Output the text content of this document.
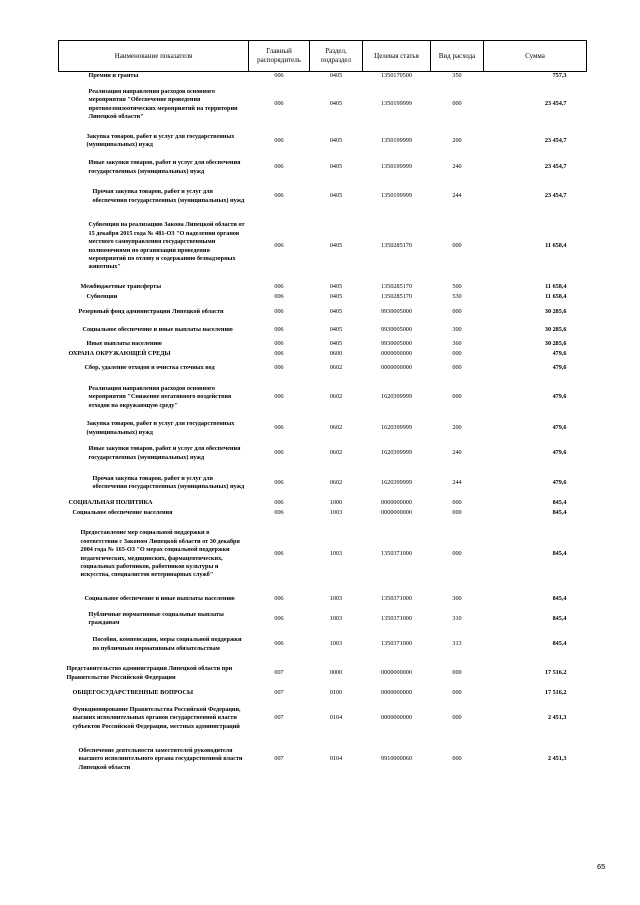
Наименование показателя	Главный распорядитель	Раздел, подраздел	Целевая статья	Вид расхода	Сумма
Премии и гранты	006	0405	1350170500	350	757,3
Реализация направления расходов основного мероприятия "Обеспечение проведения противоэпизоотических мероприятий на территории Липецкой области"	006	0405	1350199999	000	23 454,7
Закупка товаров, работ и услуг для государственных (муниципальных) нужд	006	0405	1350199999	200	23 454,7
Иные закупки товаров, работ и услуг для обеспечения государственных (муниципальных) нужд	006	0405	1350199999	240	23 454,7
Прочая закупка товаров, работ и услуг для обеспечения государственных (муниципальных) нужд	006	0405	1350199999	244	23 454,7
Субвенция на реализацию Закона Липецкой области от 15 декабря 2015 года № 481-ОЗ "О наделении органов местного самоуправления государственными полномочиями по организации проведения мероприятий по отлову и содержанию безнадзорных животных"	006	0405	1350285170	000	11 658,4
Межбюджетные трансферты	006	0405	1350285170	500	11 658,4
Субвенции	006	0405	1350285170	530	11 658,4
Резервный фонд администрации Липецкой области	006	0405	9930005000	000	30 285,6
Социальное обеспечение и иные выплаты населению	006	0405	9930005000	300	30 285,6
Иные выплаты населению	006	0405	9930005000	360	30 285,6
ОХРАНА ОКРУЖАЮЩЕЙ СРЕДЫ	006	0600	0000000000	000	479,6
Сбор, удаление отходов и очистка сточных вод	006	0602	0000000000	000	479,6
Реализация направления расходов основного мероприятия "Снижение негативного воздействия отходов на окружающую среду"	006	0602	1620399999	000	479,6
Закупка товаров, работ и услуг для государственных (муниципальных) нужд	006	0602	1620399999	200	479,6
Иные закупки товаров, работ и услуг для обеспечения государственных (муниципальных) нужд	006	0602	1620399999	240	479,6
Прочая закупка товаров, работ и услуг для обеспечения государственных (муниципальных) нужд	006	0602	1620399999	244	479,6
СОЦИАЛЬНАЯ ПОЛИТИКА	006	1000	0000000000	000	845,4
Социальное обеспечение населения	006	1003	0000000000	000	845,4
Предоставление мер социальной поддержки в соответствии с Законом Липецкой области от 30 декабря 2004 года № 165-ОЗ "О мерах социальной поддержки педагогических, медицинских, фармацевтических, социальных работников, работников культуры и искусства, специалистов ветеринарных служб"	006	1003	1350371000	000	845,4
Социальное обеспечение и иные выплаты населению	006	1003	1350371000	300	845,4
Публичные нормативные социальные выплаты гражданам	006	1003	1350371000	310	845,4
Пособия, компенсации, меры социальной поддержки по публичным нормативным обязательствам	006	1003	1350371000	313	845,4
Представительство администрации Липецкой области при Правительстве Российской Федерации	007	0000	0000000000	000	17 516,2
ОБЩЕГОСУДАРСТВЕННЫЕ ВОПРОСЫ	007	0100	0000000000	000	17 516,2
Функционирование Правительства Российской Федерации, высших исполнительных органов государственной власти субъектов Российской Федерации, местных администраций	007	0104	0000000000	000	2 451,3
Обеспечение деятельности заместителей руководителя высшего исполнительного органа государственной власти Липецкой области	007	0104	9910000060	000	2 451,3
65
